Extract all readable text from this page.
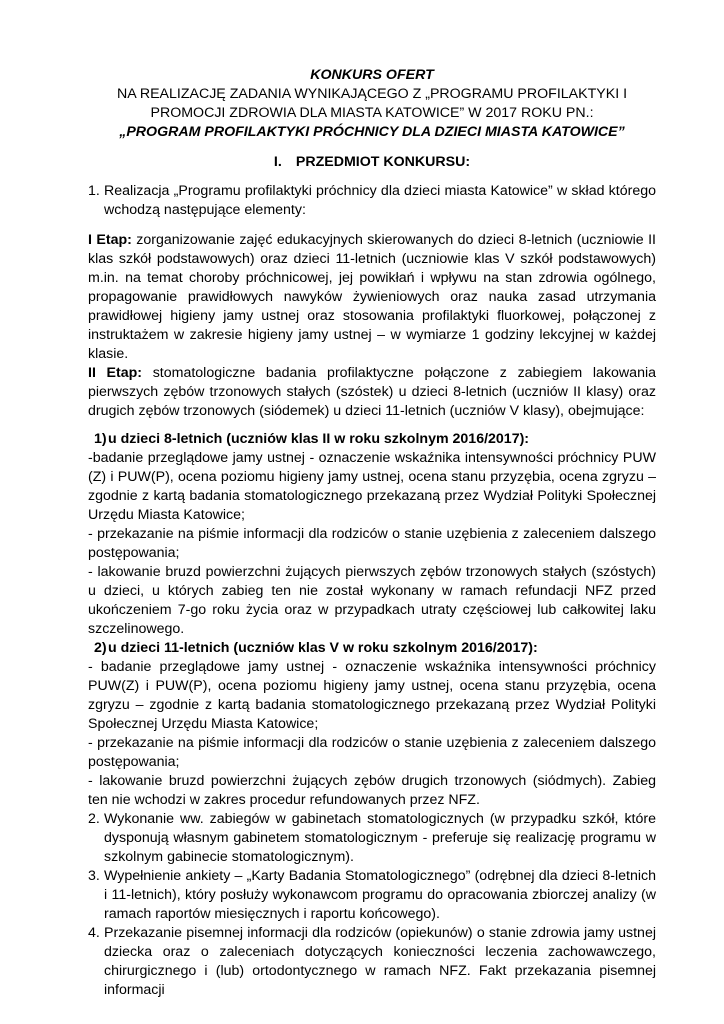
KONKURS OFERT

NA REALIZACJĘ ZADANIA WYNIKAJĄCEGO Z „PROGRAMU PROFILAKTYKI I PROMOCJI ZDROWIA DLA MIASTA KATOWICE” W 2017 ROKU PN.:

„PROGRAM PROFILAKTYKI PRÓCHNICY DLA DZIECI MIASTA KATOWICE”

I. PRZEDMIOT KONKURSU:
1. Realizacja „Programu profilaktyki próchnicy dla dzieci miasta Katowice” w skład którego wchodzą następujące elementy:

I Etap: zorganizowanie zajęć edukacyjnych skierowanych do dzieci 8-letnich (uczniowie II klas szkół podstawowych) oraz dzieci 11-letnich (uczniowie klas V szkół podstawowych) m.in. na temat choroby próchnicowej, jej powikłań i wpływu na stan zdrowia ogólnego, propagowanie prawidłowych nawyków żywieniowych oraz nauka zasad utrzymania prawidłowej higieny jamy ustnej oraz stosowania profilaktyki fluorkowej, połączonej z instruktażem w zakresie higieny jamy ustnej – w wymiarze 1 godziny lekcyjnej w każdej klasie.

II Etap: stomatologiczne badania profilaktyczne połączone z zabiegiem lakowania pierwszych zębów trzonowych stałych (szóstek) u dzieci 8-letnich (uczniów II klasy) oraz drugich zębów trzonowych (siódemek) u dzieci 11-letnich (uczniów V klasy), obejmujące:

1) u dzieci 8-letnich (uczniów klas II w roku szkolnym 2016/2017):

-badanie przeglądowe jamy ustnej - oznaczenie wskaźnika intensywności próchnicy PUW (Z) i PUW(P), ocena poziomu higieny jamy ustnej, ocena stanu przyzębia, ocena zgryzu – zgodnie z kartą badania stomatologicznego przekazaną przez Wydział Polityki Społecznej Urzędu Miasta Katowice;

- przekazanie na piśmie informacji dla rodziców o stanie uzębienia z zaleceniem dalszego postępowania;

- lakowanie bruzd powierzchni żujących pierwszych zębów trzonowych stałych (szóstych) u dzieci, u których zabieg ten nie został wykonany w ramach refundacji NFZ przed ukończeniem 7-go roku życia oraz w przypadkach utraty częściowej lub całkowitej laku szczelinowego.

2) u dzieci 11-letnich (uczniów klas V w roku szkolnym 2016/2017):

- badanie przeglądowe jamy ustnej - oznaczenie wskaźnika intensywności próchnicy PUW(Z) i PUW(P), ocena poziomu higieny jamy ustnej, ocena stanu przyzębia, ocena zgryzu – zgodnie z kartą badania stomatologicznego przekazaną przez Wydział Polityki Społecznej Urzędu Miasta Katowice;

- przekazanie na piśmie informacji dla rodziców o stanie uzębienia z zaleceniem dalszego postępowania;

- lakowanie bruzd powierzchni żujących zębów drugich trzonowych (siódmych). Zabieg ten nie wchodzi w zakres procedur refundowanych przez NFZ.

2. Wykonanie ww. zabiegów w gabinetach stomatologicznych (w przypadku szkół, które dysponują własnym gabinetem stomatologicznym - preferuje się realizację programu w szkolnym gabinecie stomatologicznym).
3. Wypełnienie ankiety – „Karty Badania Stomatologicznego” (odrębnej dla dzieci 8-letnich i 11-letnich), który posłuży wykonawcom programu do opracowania zbiorczej analizy (w ramach raportów miesięcznych i raportu końcowego).
4. Przekazanie pisemnej informacji dla rodziców (opiekunów) o stanie zdrowia jamy ustnej dziecka oraz o zaleceniach dotyczących konieczności leczenia zachowawczego, chirurgicznego i (lub) ortodontycznego w ramach NFZ. Fakt przekazania pisemnej informacji
